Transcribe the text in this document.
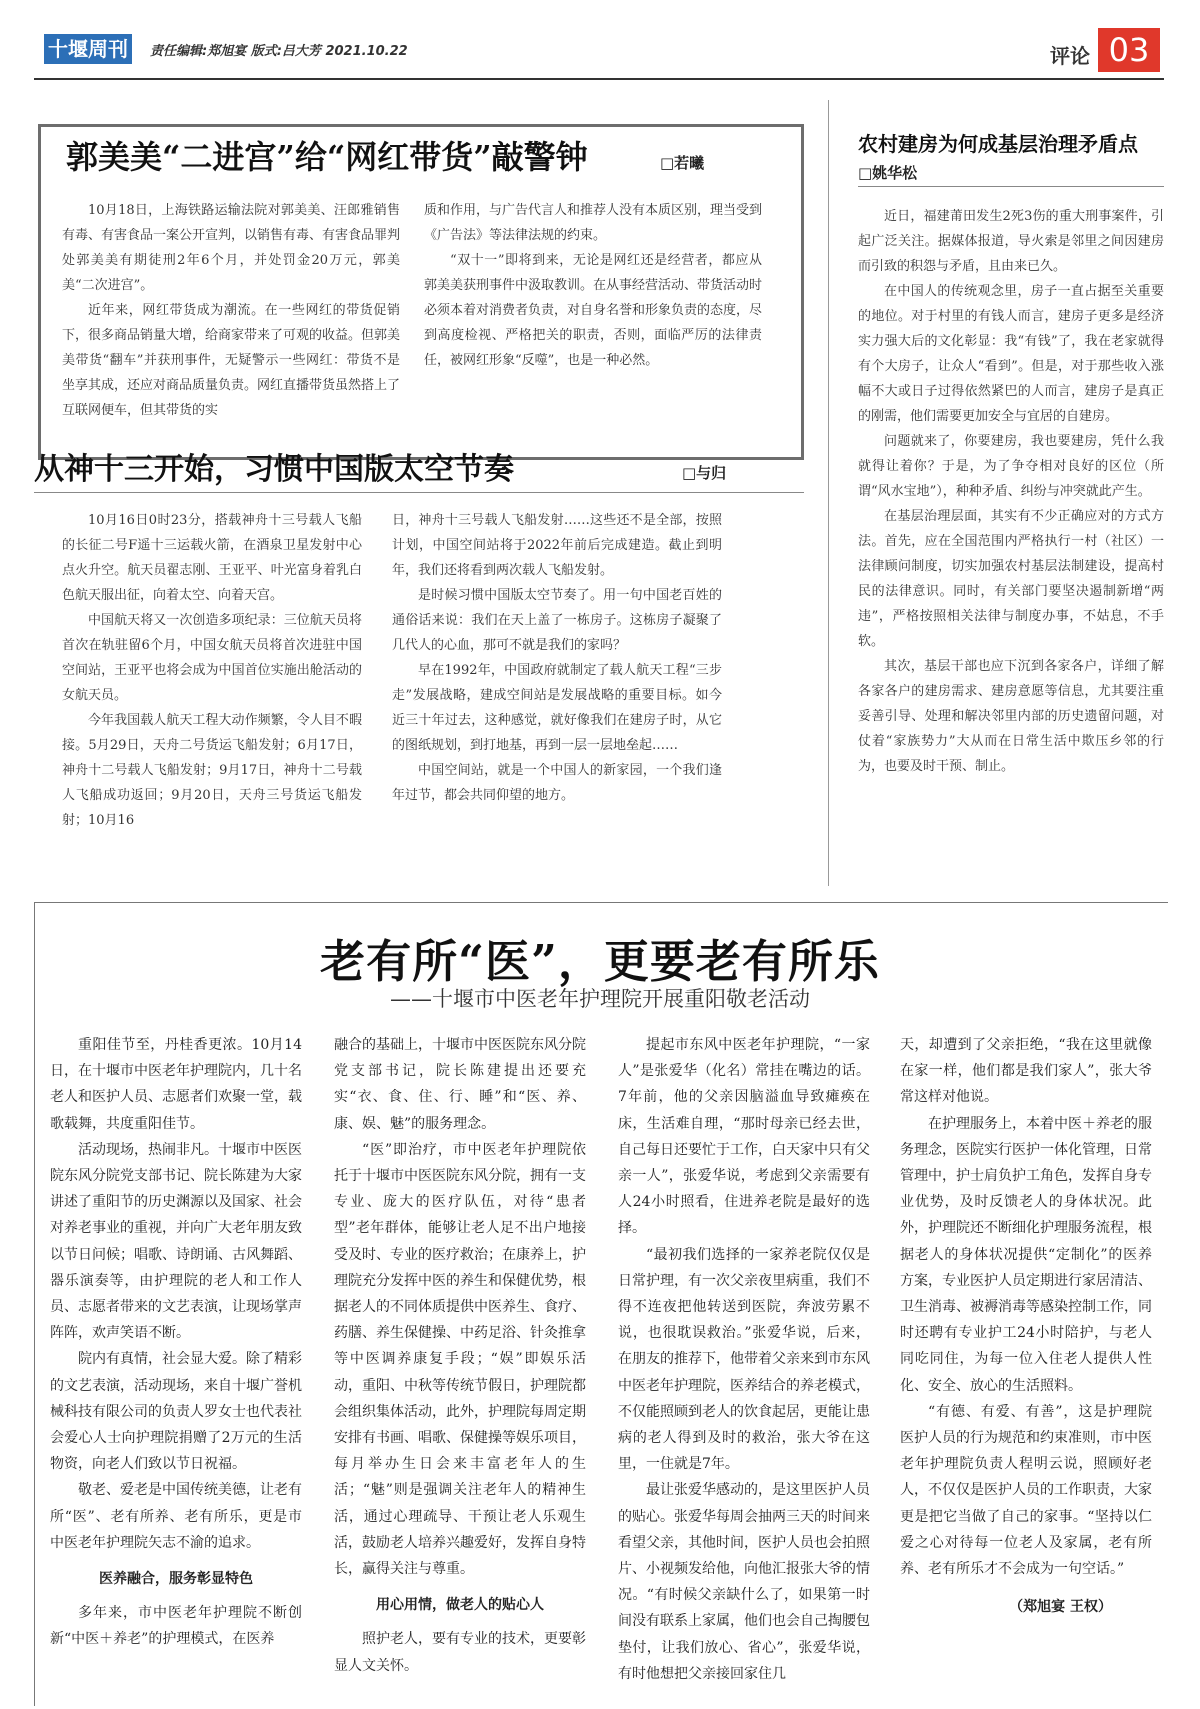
十堰周刊	责任编辑:郑旭宴 版式:吕大芳 2021.10.22	评论 03
郭美美“二进宫”给“网红带货”敲警钟	□若曦

10月18日，上海铁路运输法院对郭美美、汪郎雅销售有毒、有害食品一案公开宣判，以销售有毒、有害食品罪判处郭美美有期徒刑2年6个月，并处罚金20万元，郭美美“二次进宫”。

近年来，网红带货成为潮流。在一些网红的带货促销下，很多商品销量大增，给商家带来了可观的收益。但郭美美带货“翻车”并获刑事件，无疑警示一些网红：带货不是坐享其成，还应对商品质量负责。网红直播带货虽然搭上了互联网便车，但其带货的实

质和作用，与广告代言人和推荐人没有本质区别，理当受到《广告法》等法律法规的约束。

“双十一”即将到来，无论是网红还是经营者，都应从郭美美获刑事件中汲取教训。在从事经营活动、带货活动时必须本着对消费者负责，对自身名誉和形象负责的态度，尽到高度检视、严格把关的职责，否则，面临严厉的法律责任，被网红形象“反噬”，也是一种必然。

从神十三开始，习惯中国版太空节奏	□与归

10月16日0时23分，搭载神舟十三号载人飞船的长征二号F遥十三运载火箭，在酒泉卫星发射中心点火升空。航天员翟志刚、王亚平、叶光富身着乳白色航天服出征，向着太空、向着天宫。

中国航天将又一次创造多项纪录：三位航天员将首次在轨驻留6个月，中国女航天员将首次进驻中国空间站，王亚平也将会成为中国首位实施出舱活动的女航天员。

今年我国载人航天工程大动作频繁，令人目不暇接。5月29日，天舟二号货运飞船发射；6月17日，神舟十二号载人飞船发射；9月17日，神舟十二号载人飞船成功返回；9月20日，天舟三号货运飞船发射；10月16

日，神舟十三号载人飞船发射……这些还不是全部，按照计划，中国空间站将于2022年前后完成建造。截止到明年，我们还将看到两次载人飞船发射。

是时候习惯中国版太空节奏了。用一句中国老百姓的通俗话来说：我们在天上盖了一栋房子。这栋房子凝聚了几代人的心血，那可不就是我们的家吗？

早在1992年，中国政府就制定了载人航天工程“三步走”发展战略，建成空间站是发展战略的重要目标。如今近三十年过去，这种感觉，就好像我们在建房子时，从它的图纸规划，到打地基，再到一层一层地垒起……

中国空间站，就是一个中国人的新家园，一个我们逢年过节，都会共同仰望的地方。

农村建房为何成基层治理矛盾点
□姚华松

近日，福建莆田发生2死3伤的重大刑事案件，引起广泛关注。据媒体报道，导火索是邻里之间因建房而引致的积怨与矛盾，且由来已久。

在中国人的传统观念里，房子一直占据至关重要的地位。对于村里的有钱人而言，建房子更多是经济实力强大后的文化彰显：我“有钱”了，我在老家就得有个大房子，让众人“看到”。但是，对于那些收入涨幅不大或日子过得依然紧巴的人而言，建房子是真正的刚需，他们需要更加安全与宜居的自建房。

问题就来了，你要建房，我也要建房，凭什么我就得让着你？于是，为了争夺相对良好的区位（所谓“风水宝地”），种种矛盾、纠纷与冲突就此产生。

在基层治理层面，其实有不少正确应对的方式方法。首先，应在全国范围内严格执行一村（社区）一法律顾问制度，切实加强农村基层法制建设，提高村民的法律意识。同时，有关部门要坚决遏制新增“两违”，严格按照相关法律与制度办事，不姑息，不手软。

其次，基层干部也应下沉到各家各户，详细了解各家各户的建房需求、建房意愿等信息，尤其要注重妥善引导、处理和解决邻里内部的历史遗留问题，对仗着“家族势力”大从而在日常生活中欺压乡邻的行为，也要及时干预、制止。

老有所“医”，更要老有所乐
——十堰市中医老年护理院开展重阳敬老活动

重阳佳节至，丹桂香更浓。10月14日，在十堰市中医老年护理院内，几十名老人和医护人员、志愿者们欢聚一堂，载歌载舞，共度重阳佳节。

活动现场，热闹非凡。十堰市中医医院东风分院党支部书记、院长陈建为大家讲述了重阳节的历史渊源以及国家、社会对养老事业的重视，并向广大老年朋友致以节日问候；唱歌、诗朗诵、古风舞蹈、器乐演奏等，由护理院的老人和工作人员、志愿者带来的文艺表演，让现场掌声阵阵，欢声笑语不断。

院内有真情，社会显大爱。除了精彩的文艺表演，活动现场，来自十堰广誉机械科技有限公司的负责人罗女士也代表社会爱心人士向护理院捐赠了2万元的生活物资，向老人们致以节日祝福。

敬老、爱老是中国传统美德，让老有所“医”、老有所养、老有所乐，更是市中医老年护理院矢志不渝的追求。

医养融合，服务彰显特色

多年来，市中医老年护理院不断创新“中医＋养老”的护理模式，在医养

融合的基础上，十堰市中医医院东风分院党支部书记，院长陈建提出还要充实“衣、食、住、行、睡”和“医、养、康、娱、魅”的服务理念。

“医”即治疗，市中医老年护理院依托于十堰市中医医院东风分院，拥有一支专业、庞大的医疗队伍，对待“患者型”老年群体，能够让老人足不出户地接受及时、专业的医疗救治；在康养上，护理院充分发挥中医的养生和保健优势，根据老人的不同体质提供中医养生、食疗、药膳、养生保健操、中药足浴、针灸推拿等中医调养康复手段；“娱”即娱乐活动，重阳、中秋等传统节假日，护理院都会组织集体活动，此外，护理院每周定期安排有书画、唱歌、保健操等娱乐项目，每月举办生日会来丰富老年人的生活；“魅”则是强调关注老年人的精神生活，通过心理疏导、干预让老人乐观生活，鼓励老人培养兴趣爱好，发挥自身特长，赢得关注与尊重。

用心用情，做老人的贴心人

照护老人，要有专业的技术，更要彰显人文关怀。

提起市东风中医老年护理院，“一家人”是张爱华（化名）常挂在嘴边的话。7年前，他的父亲因脑溢血导致瘫痪在床，生活难自理，“那时母亲已经去世，自己每日还要忙于工作，白天家中只有父亲一人”，张爱华说，考虑到父亲需要有人24小时照看，住进养老院是最好的选择。

“最初我们选择的一家养老院仅仅是日常护理，有一次父亲夜里病重，我们不得不连夜把他转送到医院，奔波劳累不说，也很耽误救治。”张爱华说，后来，在朋友的推荐下，他带着父亲来到市东风中医老年护理院，医养结合的养老模式，不仅能照顾到老人的饮食起居，更能让患病的老人得到及时的救治，张大爷在这里，一住就是7年。

最让张爱华感动的，是这里医护人员的贴心。张爱华每周会抽两三天的时间来看望父亲，其他时间，医护人员也会拍照片、小视频发给他，向他汇报张大爷的情况。“有时候父亲缺什么了，如果第一时间没有联系上家属，他们也会自己掏腰包垫付，让我们放心、省心”，张爱华说，有时他想把父亲接回家住几

天，却遭到了父亲拒绝，“我在这里就像在家一样，他们都是我们家人”，张大爷常这样对他说。

在护理服务上，本着中医＋养老的服务理念，医院实行医护一体化管理，日常管理中，护士肩负护工角色，发挥自身专业优势，及时反馈老人的身体状况。此外，护理院还不断细化护理服务流程，根据老人的身体状况提供“定制化”的医养方案，专业医护人员定期进行家居清洁、卫生消毒、被褥消毒等感染控制工作，同时还聘有专业护工24小时陪护，与老人同吃同住，为每一位入住老人提供人性化、安全、放心的生活照料。

“有德、有爱、有善”，这是护理院医护人员的行为规范和约束准则，市中医老年护理院负责人程明云说，照顾好老人，不仅仅是医护人员的工作职责，大家更是把它当做了自己的家事。“坚持以仁爱之心对待每一位老人及家属，老有所养、老有所乐才不会成为一句空话。”

（郑旭宴 王权）
